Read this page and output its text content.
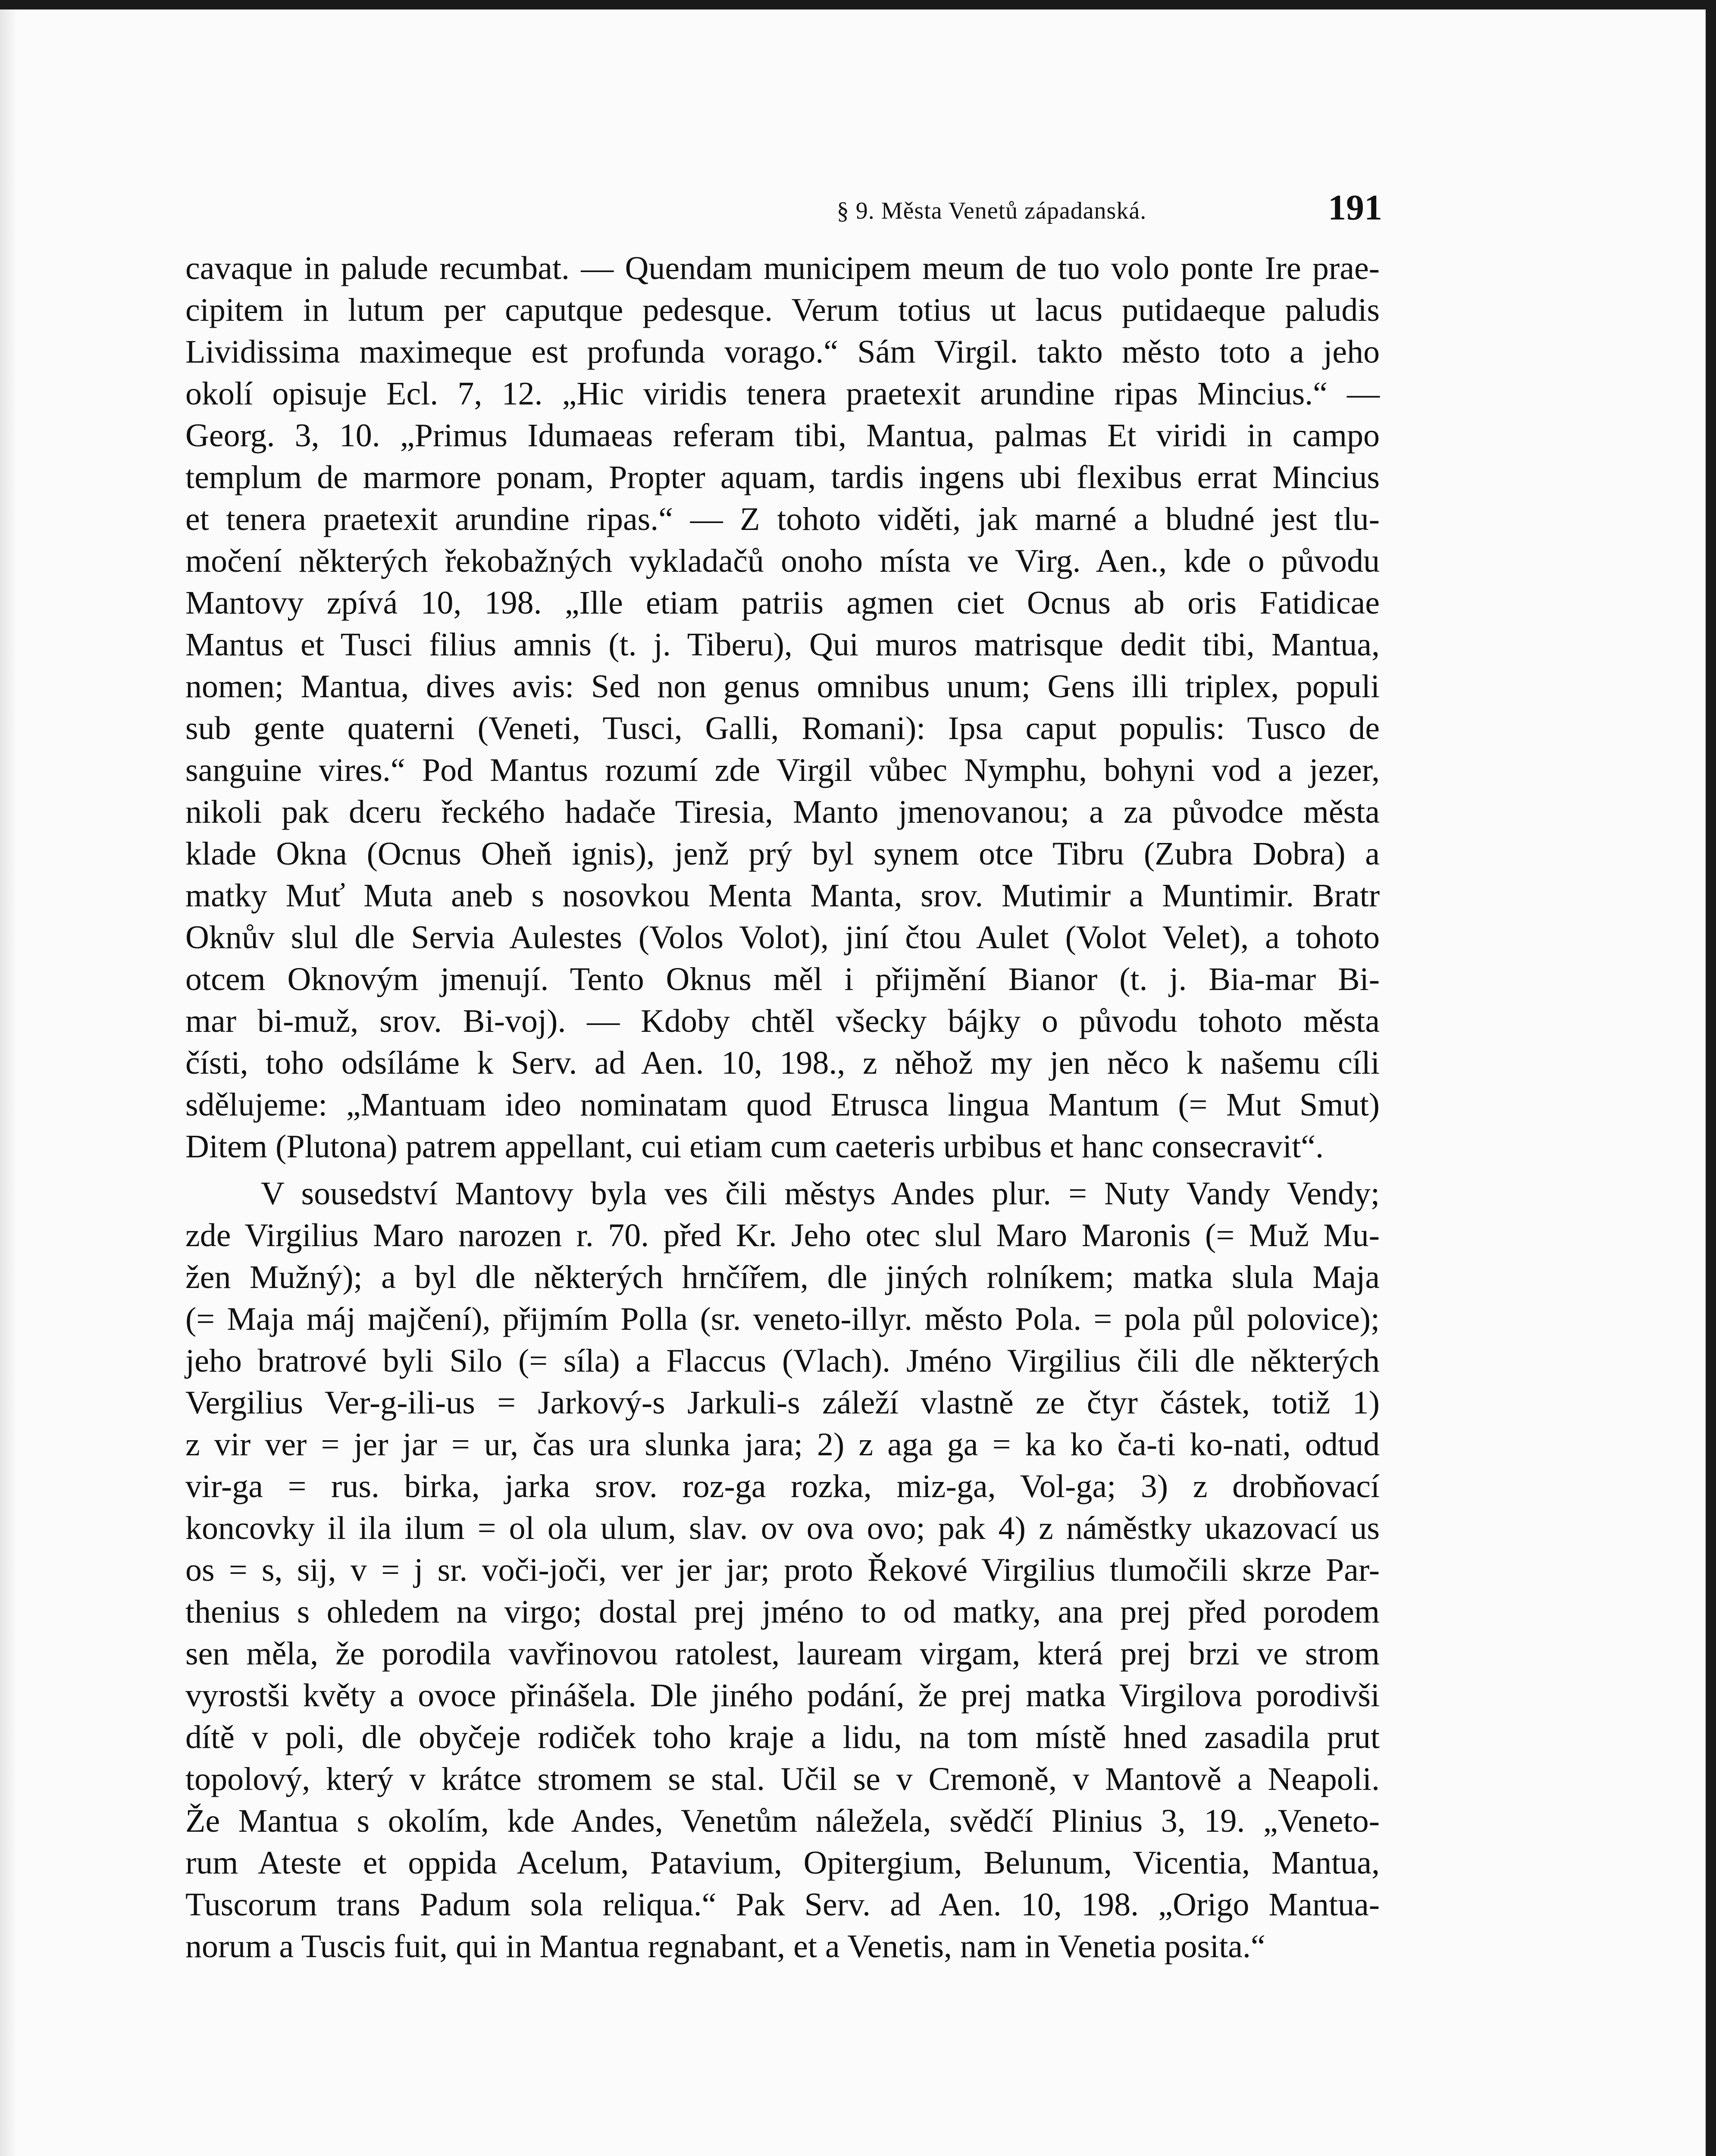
§ 9. Města Venetů západanská.	191
cavaque in palude recumbat. — Quendam municipem meum de tuo volo ponte Ire prae-
cipitem in lutum per caputque pedesque. Verum totius ut lacus putidaeque paludis
Lividissima maximeque est profunda vorago.“ Sám Virgil. takto město toto a jeho
okolí opisuje Ecl. 7, 12. „Hic viridis tenera praetexit arundine ripas Mincius.“ —
Georg. 3, 10. „Primus Idumaeas referam tibi, Mantua, palmas Et viridi in campo
templum de marmore ponam, Propter aquam, tardis ingens ubi flexibus errat Mincius
et tenera praetexit arundine ripas.“ — Z tohoto viděti, jak marné a bludné jest tlu-
močení některých řekobažných vykladačů onoho místa ve Virg. Aen., kde o původu
Mantovy zpívá 10, 198. „Ille etiam patriis agmen ciet Ocnus ab oris Fatidicae
Mantus et Tusci filius amnis (t. j. Tiberu), Qui muros matrisque dedit tibi, Mantua,
nomen; Mantua, dives avis: Sed non genus omnibus unum; Gens illi triplex, populi
sub gente quaterni (Veneti, Tusci, Galli, Romani): Ipsa caput populis: Tusco de
sanguine vires.“ Pod Mantus rozumí zde Virgil vůbec Nymphu, bohyni vod a jezer,
nikoli pak dceru řeckého hadače Tiresia, Manto jmenovanou; a za původce města
klade Okna (Ocnus Oheň ignis), jenž prý byl synem otce Tibru (Zubra Dobra) a
matky Muť Muta aneb s nosovkou Menta Manta, srov. Mutimir a Muntimir. Bratr
Oknův slul dle Servia Aulestes (Volos Volot), jiní čtou Aulet (Volot Velet), a tohoto
otcem Oknovým jmenují. Tento Oknus měl i přijmění Bianor (t. j. Bia-mar Bi-
mar bi-muž, srov. Bi-voj). — Kdoby chtěl všecky bájky o původu tohoto města
čísti, toho odsíláme k Serv. ad Aen. 10, 198., z něhož my jen něco k našemu cíli
sdělujeme: „Mantuam ideo nominatam quod Etrusca lingua Mantum (= Mut Smut)
Ditem (Plutona) patrem appellant, cui etiam cum caeteris urbibus et hanc consecravit“.
V sousedství Mantovy byla ves čili městys Andes plur. = Nuty Vandy Vendy;
zde Virgilius Maro narozen r. 70. před Kr. Jeho otec slul Maro Maronis (= Muž Mu-
žen Mužný); a byl dle některých hrnčířem, dle jiných rolníkem; matka slula Maja
(= Maja máj majčení), přijmím Polla (sr. veneto-illyr. město Pola. = pola půl polovice);
jeho bratrové byli Silo (= síla) a Flaccus (Vlach). Jméno Virgilius čili dle některých
Vergilius Ver-g-ili-us = Jarkový-s Jarkuli-s záleží vlastně ze čtyr částek, totiž 1)
z vir ver = jer jar = ur, čas ura slunka jara; 2) z aga ga = ka ko ča-ti ko-nati, odtud
vir-ga = rus. birka, jarka srov. roz-ga rozka, miz-ga, Vol-ga; 3) z drobňovací
koncovky il ila ilum = ol ola ulum, slav. ov ova ovo; pak 4) z náměstky ukazovací us
os = s, sij, v = j sr. voči-joči, ver jer jar; proto Řekové Virgilius tlumočili skrze Par-
thenius s ohledem na virgo; dostal prej jméno to od matky, ana prej před porodem
sen měla, že porodila vavřinovou ratolest, lauream virgam, která prej brzi ve strom
vyrostši květy a ovoce přinášela. Dle jiného podání, že prej matka Virgilova porodivši
dítě v poli, dle obyčeje rodiček toho kraje a lidu, na tom místě hned zasadila prut
topolový, který v krátce stromem se stal. Učil se v Cremoně, v Mantově a Neapoli.
Že Mantua s okolím, kde Andes, Venetům náležela, svědčí Plinius 3, 19. „Veneto-
rum Ateste et oppida Acelum, Patavium, Opitergium, Belunum, Vicentia, Mantua,
Tuscorum trans Padum sola reliqua.“ Pak Serv. ad Aen. 10, 198. „Origo Mantua-
norum a Tuscis fuit, qui in Mantua regnabant, et a Venetis, nam in Venetia posita.“
